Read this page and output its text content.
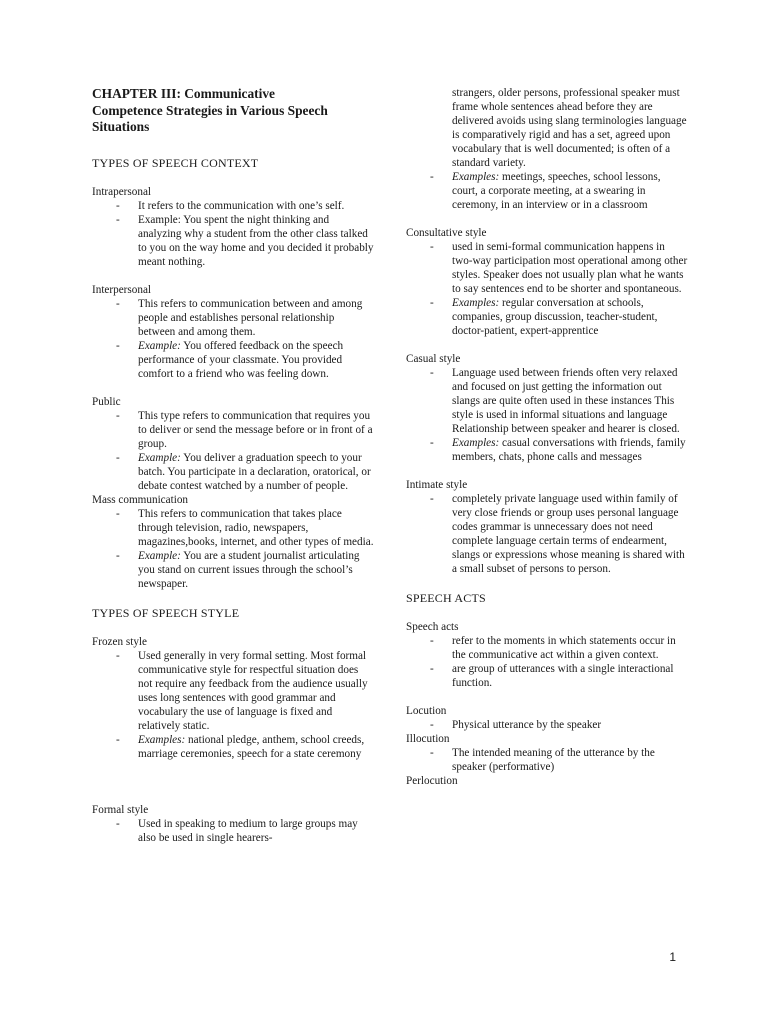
CHAPTER III: Communicative
Competence Strategies in Various Speech
Situations
TYPES OF SPEECH CONTEXT
Intrapersonal
- It refers to the communication with one’s self.
- Example: You spent the night thinking and analyzing why a student from the other class talked to you on the way home and you decided it probably meant nothing.
Interpersonal
- This refers to communication between and among people and establishes personal relationship between and among them.
- Example: You offered feedback on the speech performance of your classmate. You provided comfort to a friend who was feeling down.
Public
- This type refers to communication that requires you to deliver or send the message before or in front of a group.
- Example: You deliver a graduation speech to your batch. You participate in a declaration, oratorical, or debate contest watched by a number of people.
Mass communication
- This refers to communication that takes place through television, radio, newspapers, magazines,books, internet, and other types of media.
- Example: You are a student journalist articulating you stand on current issues through the school’s newspaper.
TYPES OF SPEECH STYLE
Frozen style
- Used generally in very formal setting. Most formal communicative style for respectful situation does not require any feedback from the audience usually uses long sentences with good grammar and vocabulary the use of language is fixed and relatively static.
- Examples: national pledge, anthem, school creeds, marriage ceremonies, speech for a state ceremony
Formal style
- Used in speaking to medium to large groups may also be used in single hearers-
strangers, older persons, professional speaker must frame whole sentences ahead before they are delivered avoids using slang terminologies language is comparatively rigid and has a set, agreed upon vocabulary that is well documented; is often of a standard variety.
- Examples: meetings, speeches, school lessons, court, a corporate meeting, at a swearing in ceremony, in an interview or in a classroom
Consultative style
- used in semi-formal communication happens in two-way participation most operational among other styles. Speaker does not usually plan what he wants to say sentences end to be shorter and spontaneous.
- Examples: regular conversation at schools, companies, group discussion, teacher-student, doctor-patient, expert-apprentice
Casual style
- Language used between friends often very relaxed and focused on just getting the information out slangs are quite often used in these instances This style is used in informal situations and language Relationship between speaker and hearer is closed.
- Examples: casual conversations with friends, family members, chats, phone calls and messages
Intimate style
- completely private language used within family of very close friends or group uses personal language codes grammar is unnecessary does not need complete language certain terms of endearment, slangs or expressions whose meaning is shared with a small subset of persons to person.
SPEECH ACTS
Speech acts
- refer to the moments in which statements occur in the communicative act within a given context.
- are group of utterances with a single interactional function.
Locution
- Physical utterance by the speaker
Illocution
- The intended meaning of the utterance by the speaker (performative)
Perlocution
1
